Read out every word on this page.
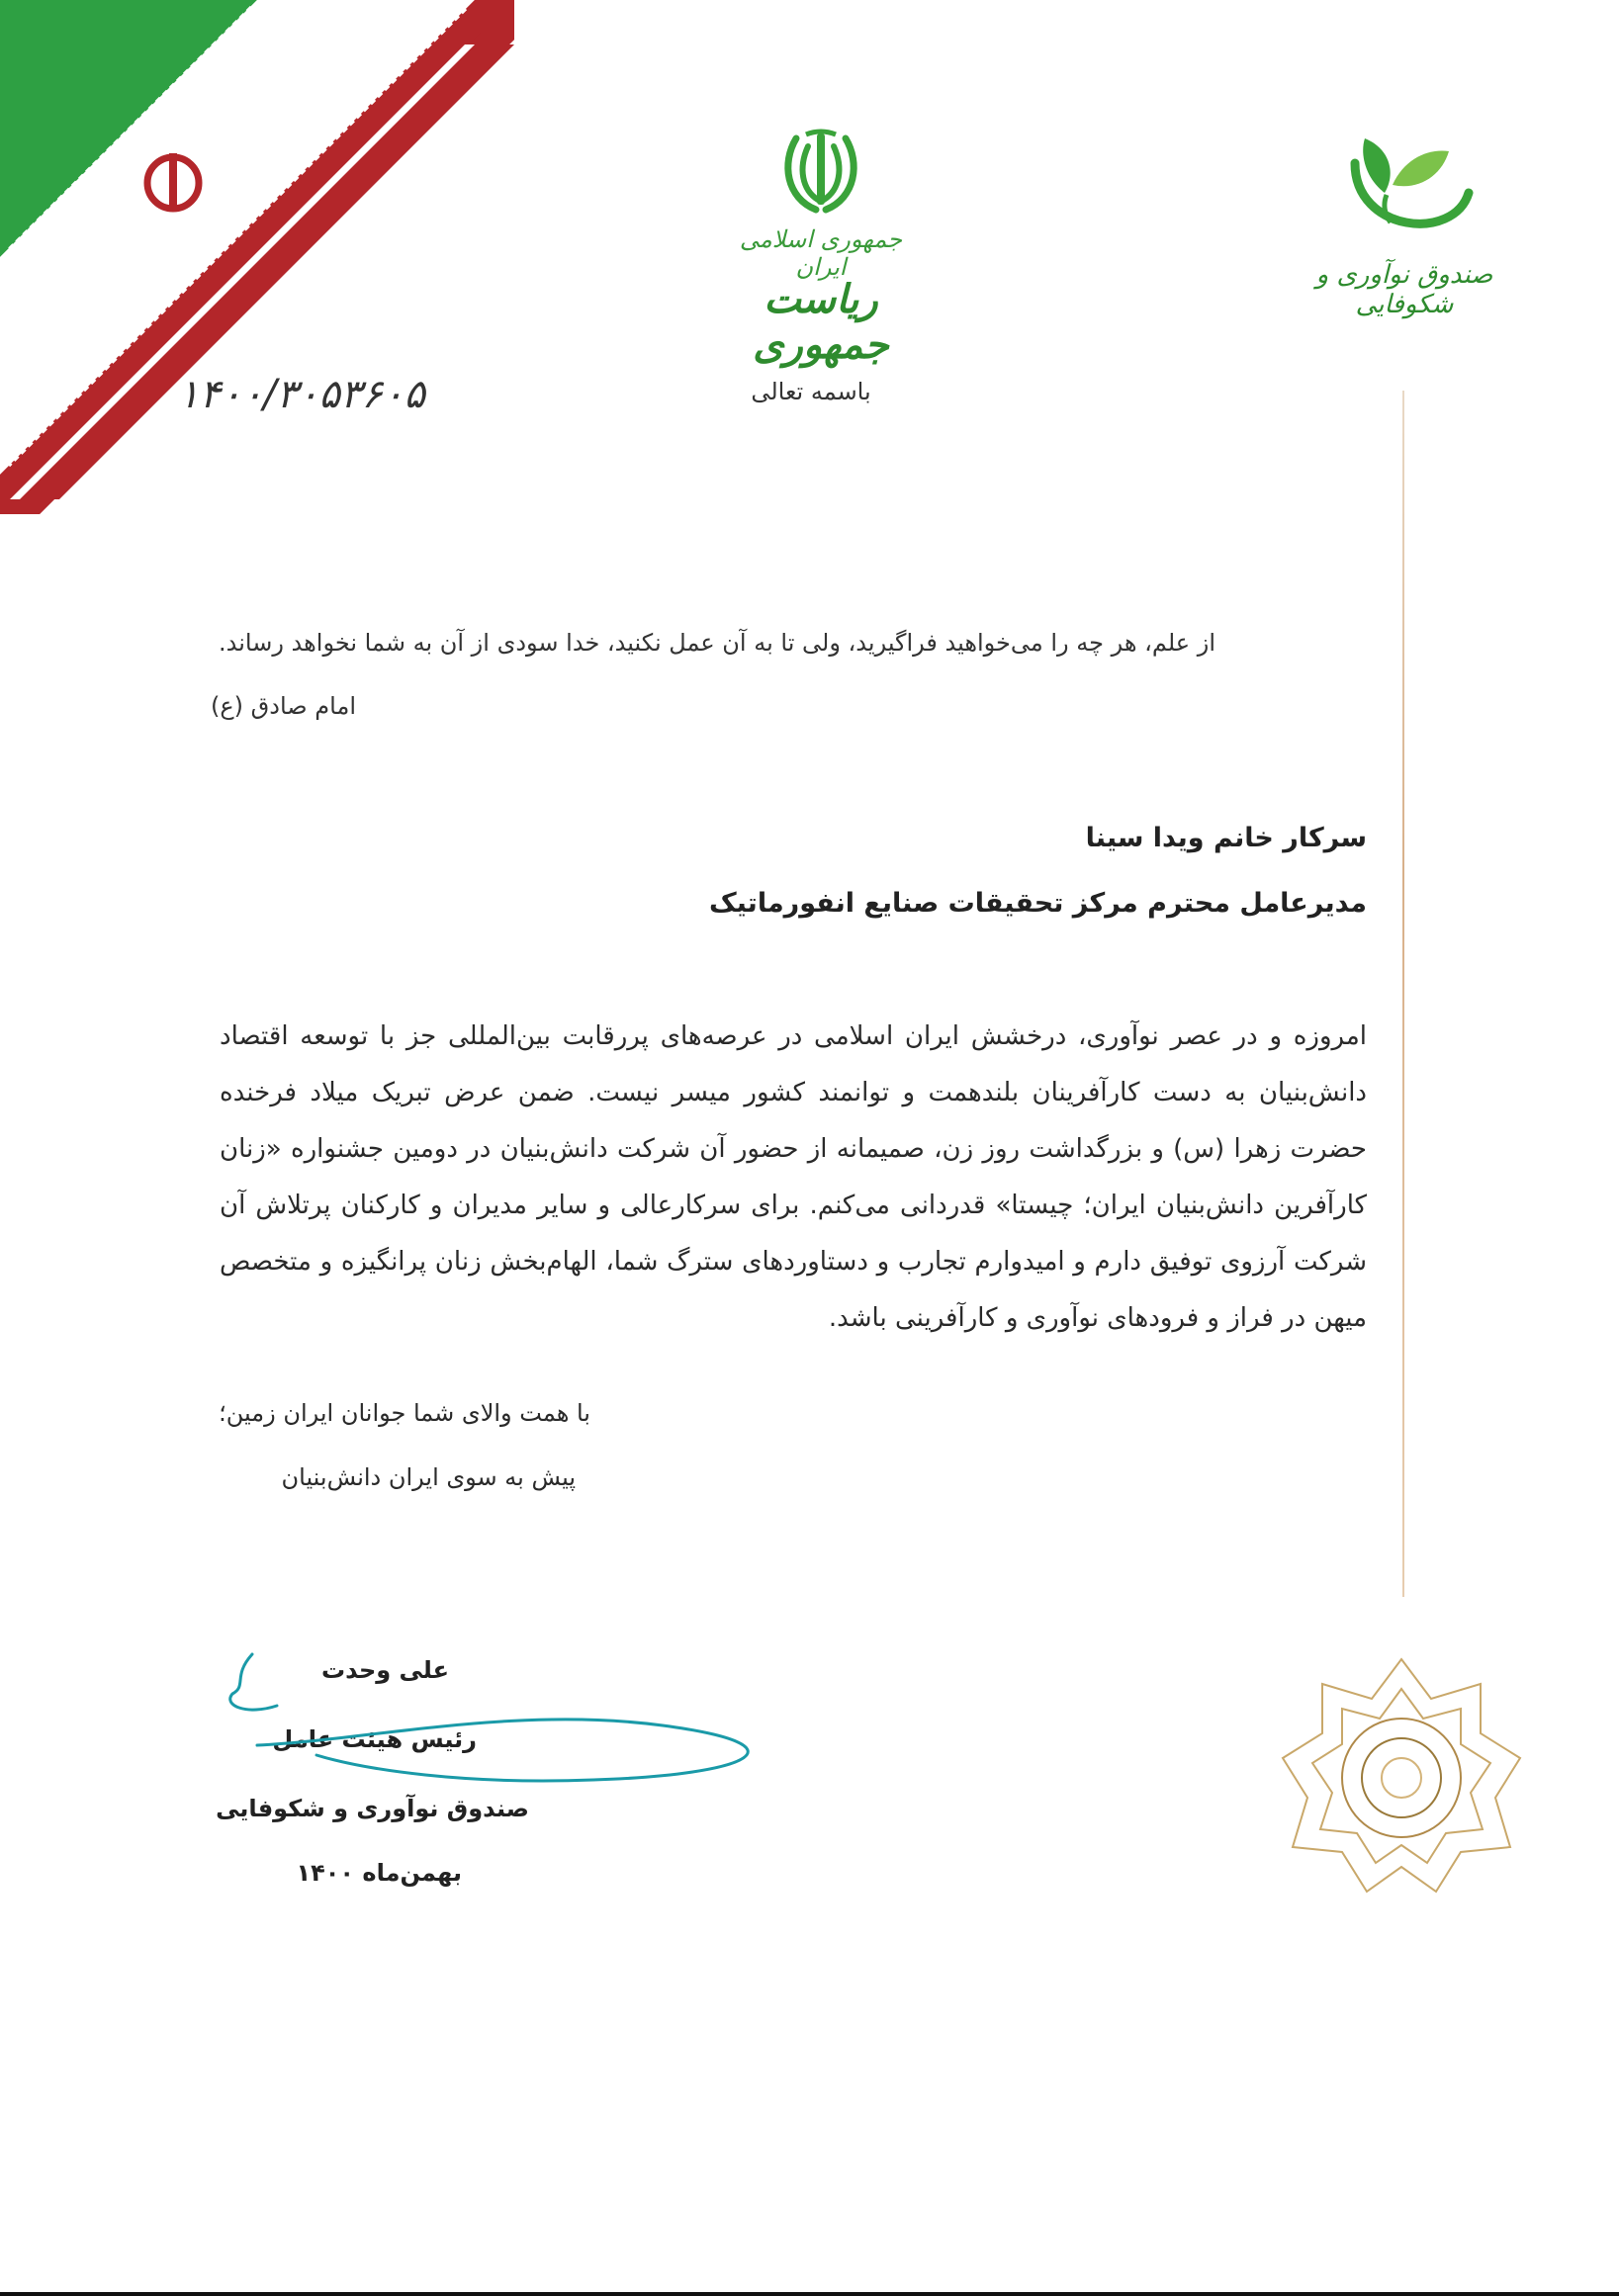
جمهوری اسلامی ایران
ریاست جمهوری
صندوق نوآوری و شکوفایی
۱۴۰۰/۳۰۵۳۶۰۵	باسمه تعالی
از علم، هر چه را می‌خواهید فراگیرید، ولی تا به آن عمل نکنید، خدا سودی از آن به شما نخواهد رساند.
امام صادق (ع)
سرکار خانم ویدا سینا
مدیرعامل محترم مرکز تحقیقات صنایع انفورماتیک
امروزه و در عصر نوآوری، درخشش ایران اسلامی در عرصه‌های پررقابت بین‌المللی جز با توسعه اقتصاد دانش‌بنیان به دست کارآفرینان بلندهمت و توانمند کشور میسر نیست. ضمن عرض تبریک میلاد فرخنده حضرت زهرا (س) و بزرگداشت روز زن، صمیمانه از حضور آن شرکت دانش‌بنیان در دومین جشنواره «زنان کارآفرین دانش‌بنیان ایران؛ چیستا» قدردانی می‌کنم. برای سرکارعالی و سایر مدیران و کارکنان پرتلاش آن شرکت آرزوی توفیق دارم و امیدوارم تجارب و دستاوردهای سترگ شما، الهام‌بخش زنان پرانگیزه و متخصص میهن در فراز و فرودهای نوآوری و کارآفرینی باشد.
با همت والای شما جوانان ایران زمین؛
پیش به سوی ایران دانش‌بنیان
علی وحدت
رئیس هیئت عامل
صندوق نوآوری و شکوفایی
بهمن‌ماه ۱۴۰۰
